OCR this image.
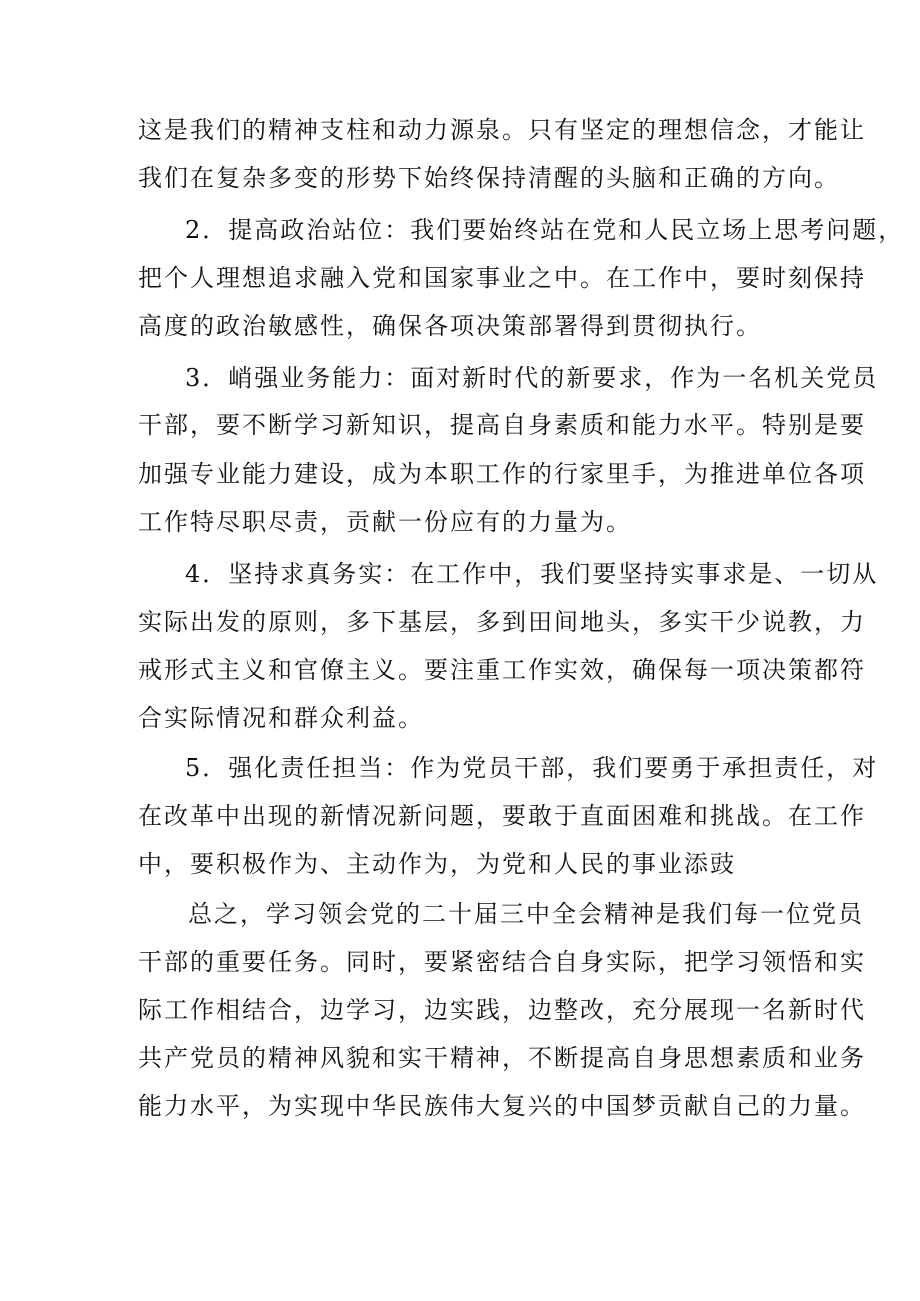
这是我们的精神支柱和动力源泉。只有坚定的理想信念，才能让
我们在复杂多变的形势下始终保持清醒的头脑和正确的方向。
2．提高政治站位：我们要始终站在党和人民立场上思考问题，
把个人理想追求融入党和国家事业之中。在工作中，要时刻保持
高度的政治敏感性，确保各项决策部署得到贯彻执行。
3．峭强业务能力：面对新时代的新要求，作为一名机关党员
干部，要不断学习新知识，提高自身素质和能力水平。特别是要
加强专业能力建设，成为本职工作的行家里手，为推进单位各项
工作特尽职尽责，贡献一份应有的力量为。
4．坚持求真务实：在工作中，我们要坚持实事求是、一切从
实际出发的原则，多下基层，多到田间地头，多实干少说教，力
戒形式主义和官僚主义。要注重工作实效，确保每一项决策都符
合实际情况和群众利益。
5．强化责任担当：作为党员干部，我们要勇于承担责任，对
在改革中出现的新情况新问题，要敢于直面困难和挑战。在工作
中，要积极作为、主动作为，为党和人民的事业添豉
总之，学习领会党的二十届三中全会精神是我们每一位党员
干部的重要任务。同时，要紧密结合自身实际，把学习领悟和实
际工作相结合，边学习，边实践，边整改，充分展现一名新时代
共产党员的精神风貌和实干精神，不断提高自身思想素质和业务
能力水平，为实现中华民族伟大复兴的中国梦贡献自己的力量。
